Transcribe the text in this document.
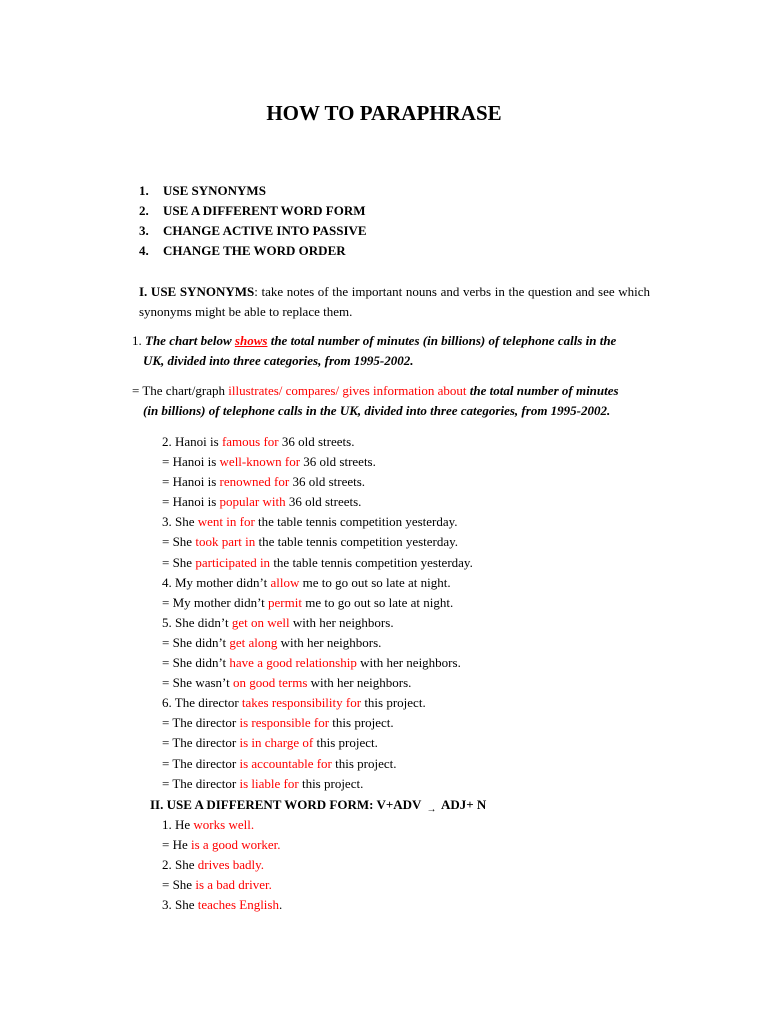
HOW TO PARAPHRASE
1. USE SYNONYMS
2. USE A DIFFERENT WORD FORM
3. CHANGE ACTIVE INTO PASSIVE
4. CHANGE THE WORD ORDER

I. USE SYNONYMS: take notes of the important nouns and verbs in the question and see which synonyms might be able to replace them.

1. The chart below shows the total number of minutes (in billions) of telephone calls in the
UK, divided into three categories, from 1995-2002.

= The chart/graph illustrates/ compares/ gives information about the total number of minutes
(in billions) of telephone calls in the UK, divided into three categories, from 1995-2002.

2. Hanoi is famous for 36 old streets.
= Hanoi is well-known for 36 old streets.
= Hanoi is renowned for 36 old streets.
= Hanoi is popular with 36 old streets.
3. She went in for the table tennis competition yesterday.
= She took part in the table tennis competition yesterday.
= She participated in the table tennis competition yesterday.
4. My mother didn’t allow me to go out so late at night.
= My mother didn’t permit me to go out so late at night.
5. She didn’t get on well with her neighbors.
= She didn’t get along with her neighbors.
= She didn’t have a good relationship with her neighbors.
= She wasn’t on good terms with her neighbors.
6. The director takes responsibility for this project.
= The director is responsible for this project.
= The director is in charge of this project.
= The director is accountable for this project.
= The director is liable for this project.

II. USE A DIFFERENT WORD FORM: V+ADV $_\to$ ADJ+ N

1. He works well.
= He is a good worker.
2. She drives badly.
= She is a bad driver.
3. She teaches English.
